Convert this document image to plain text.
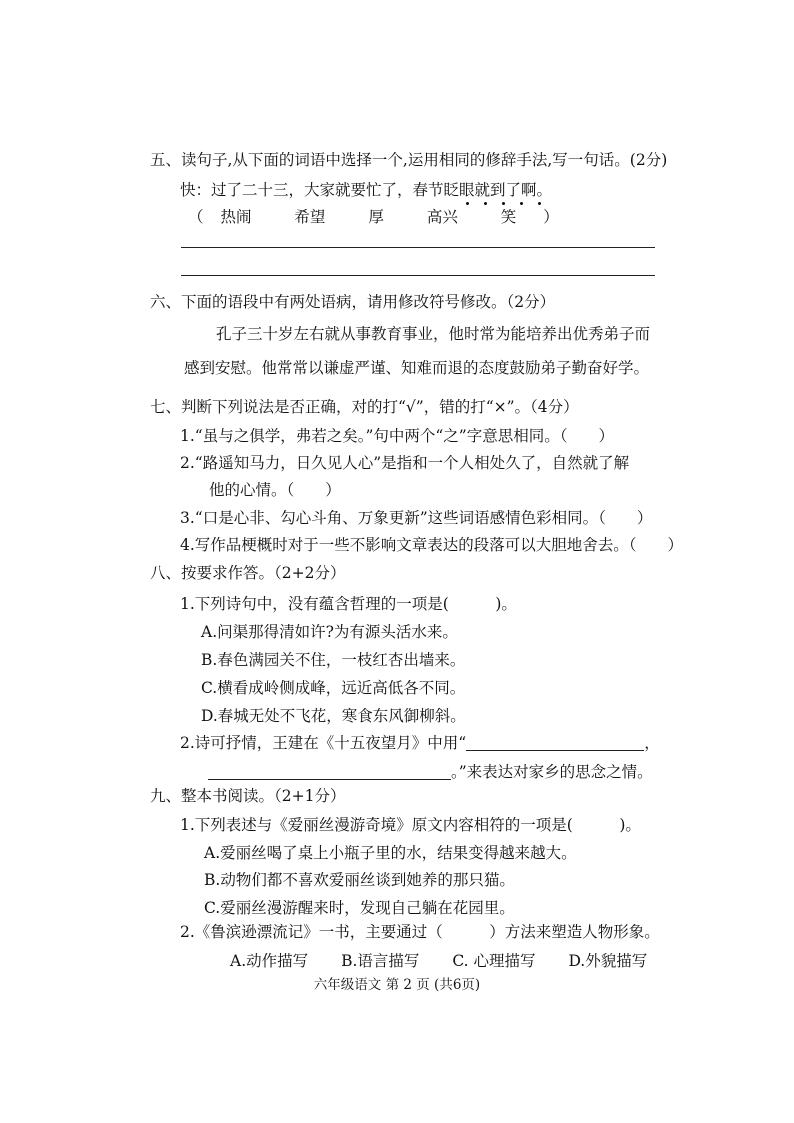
五、读句子,从下面的词语中选择一个,运用相同的修辞手法,写一句话。(2分)
快：过了二十三，大家就要忙了，春节眨眼就到了啊。
（ 热闹	希望	厚	高兴	笑 ）
六、下面的语段中有两处语病，请用修改符号修改。（2分）
孔子三十岁左右就从事教育事业，他时常为能培养出优秀弟子而
感到安慰。他常常以谦虚严谨、知难而退的态度鼓励弟子勤奋好学。
七、判断下列说法是否正确，对的打“√”，错的打“×”。（4分）
1.“虽与之俱学，弗若之矣。”句中两个“之”字意思相同。（　　）
2.“路遥知马力，日久见人心”是指和一个人相处久了，自然就了解
他的心情。（　　）
3.“口是心非、勾心斗角、万象更新”这些词语感情色彩相同。（　　）
4.写作品梗概时对于一些不影响文章表达的段落可以大胆地舍去。（　　）
八、按要求作答。（2+2分）
1.下列诗句中，没有蕴含哲理的一项是(　　　)。
A.问渠那得清如许?为有源头活水来。
B.春色满园关不住，一枝红杏出墙来。
C.横看成岭侧成峰，远近高低各不同。
D.春城无处不飞花，寒食东风御柳斜。
2.诗可抒情，王建在《十五夜望月》中用“	，
。”来表达对家乡的思念之情。
九、整本书阅读。（2+1分）
1.下列表述与《爱丽丝漫游奇境》原文内容相符的一项是(　　　)。
A.爱丽丝喝了桌上小瓶子里的水，结果变得越来越大。
B.动物们都不喜欢爱丽丝谈到她养的那只猫。
C.爱丽丝漫游醒来时，发现自己躺在花园里。
2.《鲁滨逊漂流记》一书，主要通过（　　　）方法来塑造人物形象。
A.动作描写 B.语言描写 C. 心理描写 D.外貌描写
六年级语文 第 2 页 (共6页)
